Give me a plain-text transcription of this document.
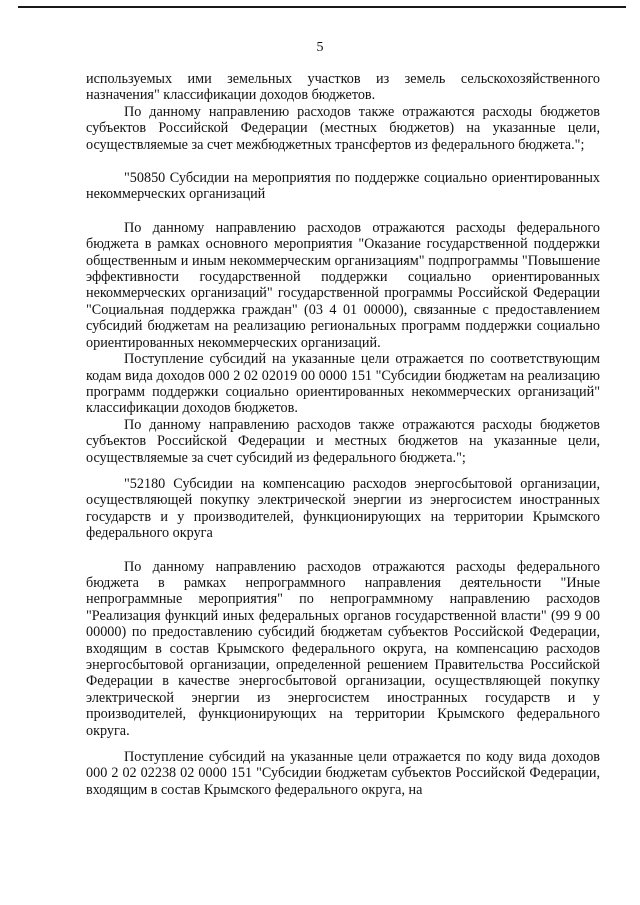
5

используемых ими земельных участков из земель сельскохозяйственного назначения" классификации доходов бюджетов.

По данному направлению расходов также отражаются расходы бюджетов субъектов Российской Федерации (местных бюджетов) на указанные цели, осуществляемые за счет межбюджетных трансфертов из федерального бюджета.";

"50850 Субсидии на мероприятия по поддержке социально ориентированных некоммерческих организаций

По данному направлению расходов отражаются расходы федерального бюджета в рамках основного мероприятия "Оказание государственной поддержки общественным и иным некоммерческим организациям" подпрограммы "Повышение эффективности государственной поддержки социально ориентированных некоммерческих организаций" государственной программы Российской Федерации "Социальная поддержка граждан" (03 4 01 00000), связанные с предоставлением субсидий бюджетам на реализацию региональных программ поддержки социально ориентированных некоммерческих организаций.

Поступление субсидий на указанные цели отражается по соответствующим кодам вида доходов 000 2 02 02019 00 0000 151 "Субсидии бюджетам на реализацию программ поддержки социально ориентированных некоммерческих организаций" классификации доходов бюджетов.

По данному направлению расходов также отражаются расходы бюджетов субъектов Российской Федерации и местных бюджетов на указанные цели, осуществляемые за счет субсидий из федерального бюджета.";

"52180 Субсидии на компенсацию расходов энергосбытовой организации, осуществляющей покупку электрической энергии из энергосистем иностранных государств и у производителей, функционирующих на территории Крымского федерального округа

По данному направлению расходов отражаются расходы федерального бюджета в рамках непрограммного направления деятельности "Иные непрограммные мероприятия" по непрограммному направлению расходов "Реализация функций иных федеральных органов государственной власти" (99 9 00 00000) по предоставлению субсидий бюджетам субъектов Российской Федерации, входящим в состав Крымского федерального округа, на компенсацию расходов энергосбытовой организации, определенной решением Правительства Российской Федерации в качестве энергосбытовой организации, осуществляющей покупку электрической энергии из энергосистем иностранных государств и у производителей, функционирующих на территории Крымского федерального округа.

Поступление субсидий на указанные цели отражается по коду вида доходов 000 2 02 02238 02 0000 151 "Субсидии бюджетам субъектов Российской Федерации, входящим в состав Крымского федерального округа, на
